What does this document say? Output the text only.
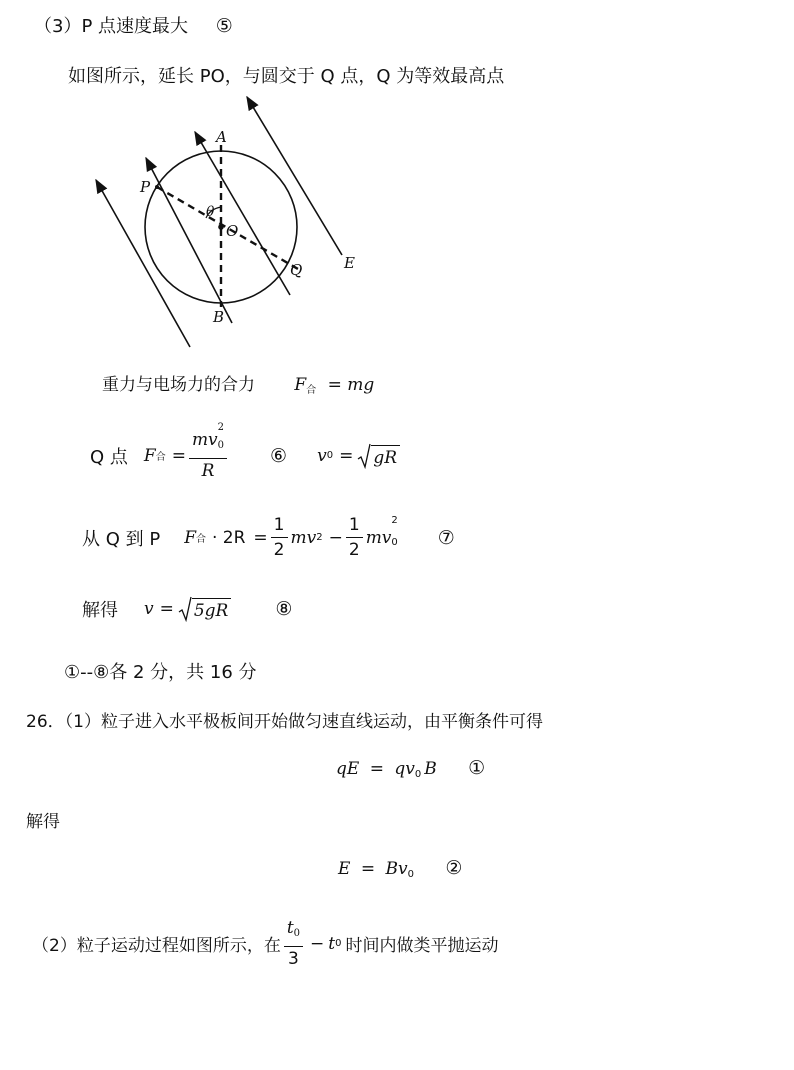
（3）P 点速度最大 ⑤
如图所示，延长 PO，与圆交于 Q 点，Q 为等效最高点
A
P
θ
O
Q	E
B
重力与电场力的合力 $F_合$ = mg
Q 点 F 合 = mv
2
$_0$
R ⑥ v 0 = gR
从 Q 到 P F 合 · $2R = \frac{1}{2}$ mv $2 - \frac{1}{2}$ mv
2
$_0$ ⑦
解得 v = 5gR ⑧
①--⑧各 2 分，共 16 分
26．（1）粒子进入水平极板间开始做匀速直线运动，由平衡条件可得
qE = $qv_0$ B ①
解得
$E = Bv_0$ ②
（2）粒子运动过程如图所示，在 $\frac{t_0}{3} - t$ 0 时间内做类平抛运动
